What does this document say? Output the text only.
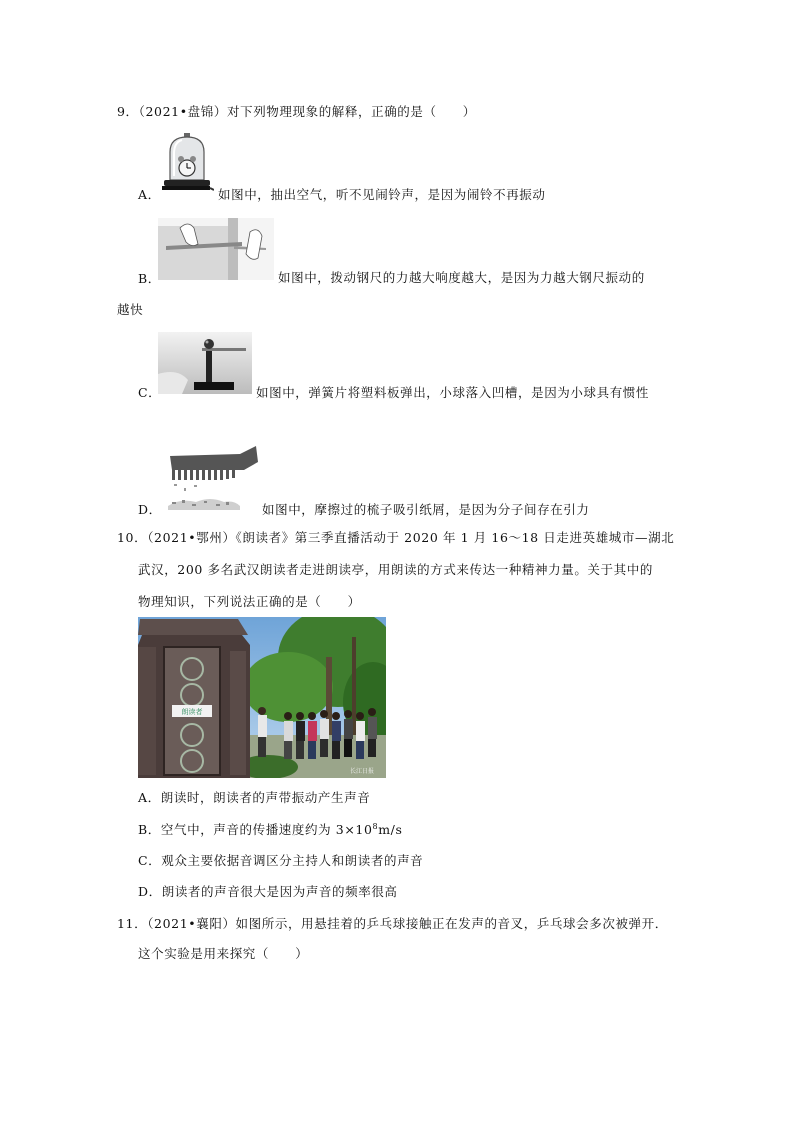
9．（2021•盘锦）对下列物理现象的解释，正确的是（　　）
A．	如图中，抽出空气，听不见闹铃声，是因为闹铃不再振动
B．	如图中，拨动钢尺的力越大响度越大，是因为力越大钢尺振动的
越快
C．	如图中，弹簧片将塑料板弹出，小球落入凹槽，是因为小球具有惯性
D．	如图中，摩擦过的梳子吸引纸屑，是因为分子间存在引力
10．（2021•鄂州）《朗读者》第三季直播活动于 2020 年 1 月 16～18 日走进英雄城市—湖北
武汉，200 多名武汉朗读者走进朗读亭，用朗读的方式来传达一种精神力量。关于其中的
物理知识，下列说法正确的是（　　）
朗读者
长江日报
A．朗读时，朗读者的声带振动产生声音
B．空气中，声音的传播速度约为 $3\times 10^8m/s$
C．观众主要依据音调区分主持人和朗读者的声音
D．朗读者的声音很大是因为声音的频率很高
11．（2021•襄阳）如图所示，用悬挂着的乒乓球接触正在发声的音叉，乒乓球会多次被弹开．
这个实验是用来探究（　　）
